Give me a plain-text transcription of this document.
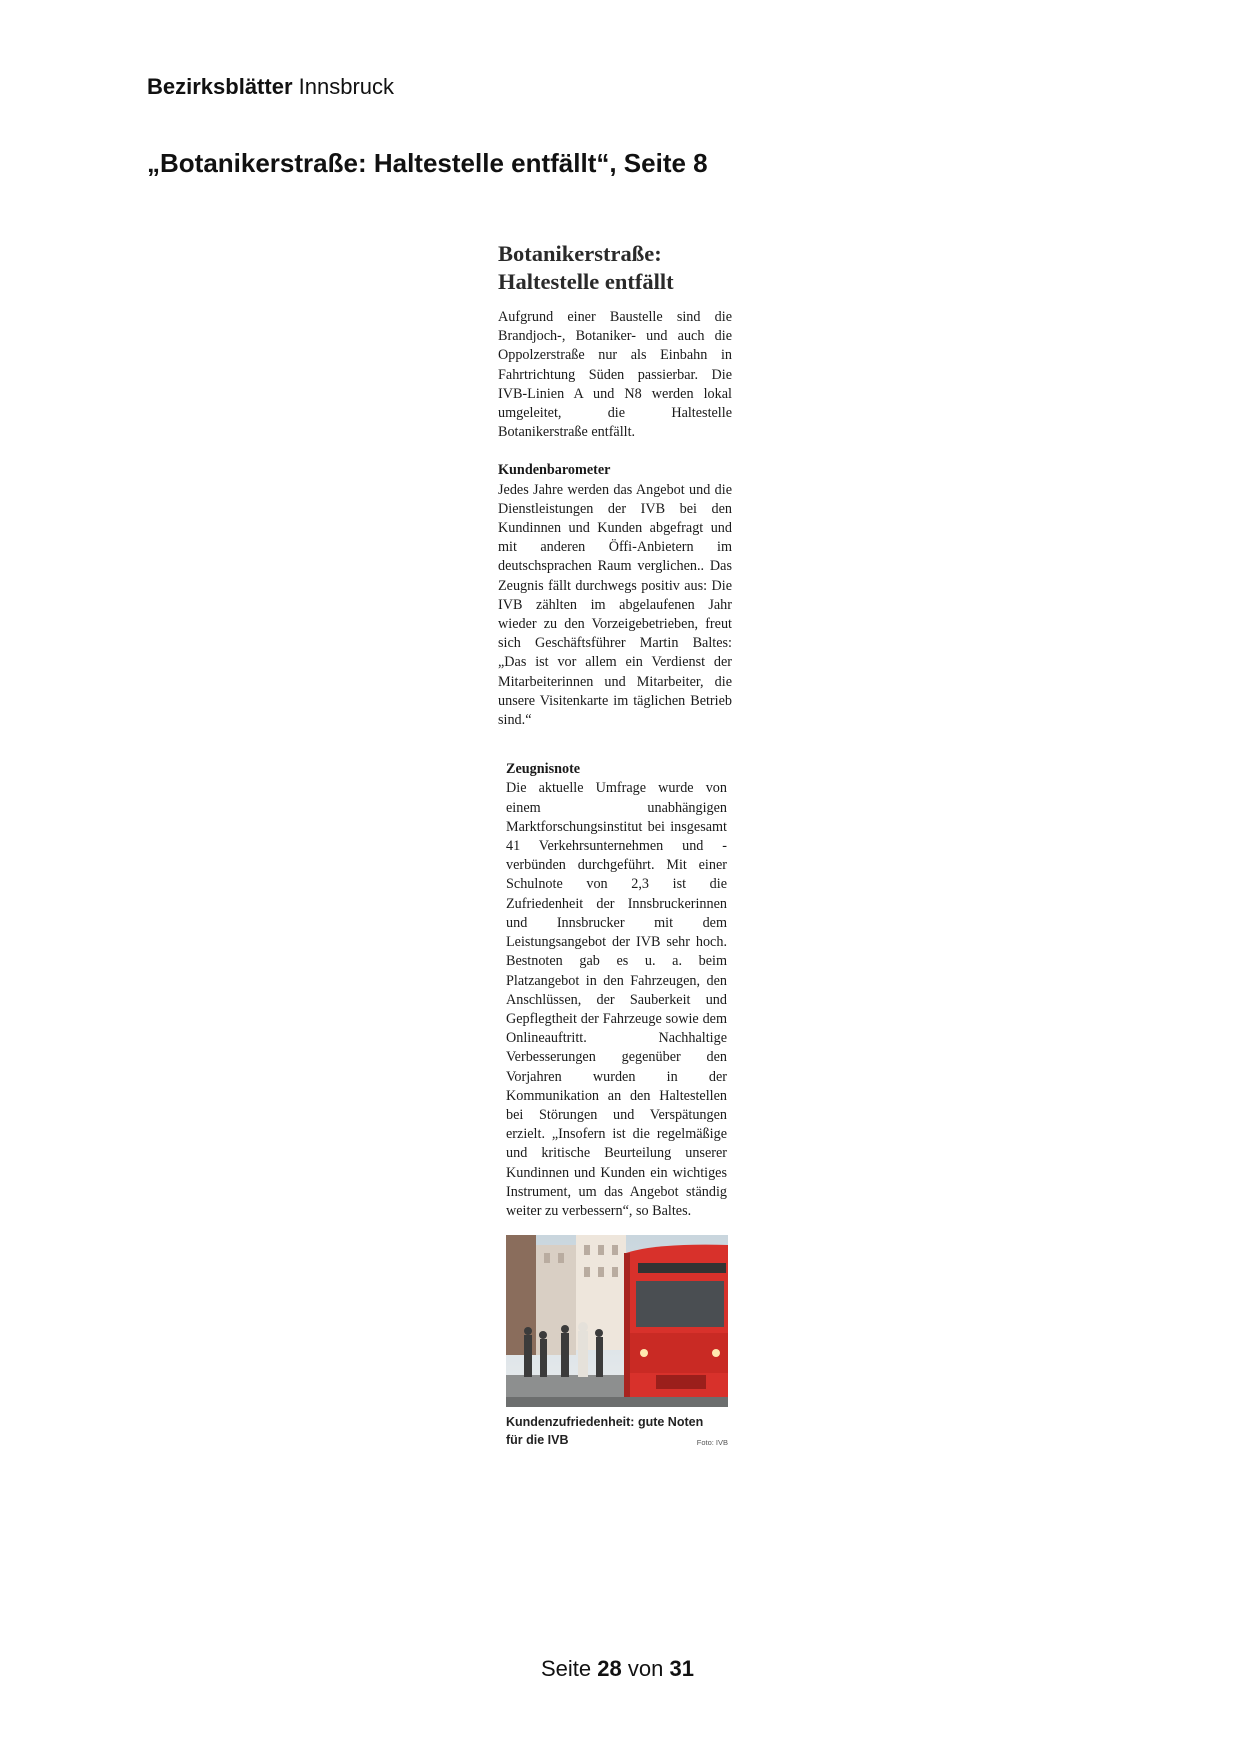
Bezirksblätter Innsbruck
„Botanikerstraße: Haltestelle entfällt“, Seite 8
Botanikerstraße: Haltestelle entfällt

Aufgrund einer Baustelle sind die Brandjoch-, Botaniker- und auch die Oppolzerstraße nur als Einbahn in Fahrtrichtung Süden passierbar. Die IVB-Linien A und N8 werden lokal umgeleitet, die Haltestelle Botanikerstraße entfällt.

Kundenbarometer

Jedes Jahre werden das Angebot und die Dienstleistungen der IVB bei den Kundinnen und Kunden abgefragt und mit anderen Öffi-Anbietern im deutschsprachen Raum verglichen.. Das Zeugnis fällt durchwegs positiv aus: Die IVB zählten im abgelaufenen Jahr wieder zu den Vorzeigebetrieben, freut sich Geschäftsführer Martin Baltes: „Das ist vor allem ein Verdienst der Mitarbeiterinnen und Mitarbeiter, die unsere Visitenkarte im täglichen Betrieb sind.“

Zeugnisnote

Die aktuelle Umfrage wurde von einem unabhängigen Marktforschungsinstitut bei insgesamt 41 Verkehrsunternehmen und -verbünden durchgeführt. Mit einer Schulnote von 2,3 ist die Zufriedenheit der Innsbruckerinnen und Innsbrucker mit dem Leistungsangebot der IVB sehr hoch. Bestnoten gab es u. a. beim Platzangebot in den Fahrzeugen, den Anschlüssen, der Sauberkeit und Gepflegtheit der Fahrzeuge sowie dem Onlineauftritt. Nachhaltige Verbesserungen gegenüber den Vorjahren wurden in der Kommunikation an den Haltestellen bei Störungen und Verspätungen erzielt. „Insofern ist die regelmäßige und kritische Beurteilung unserer Kundinnen und Kunden ein wichtiges Instrument, um das Angebot ständig weiter zu verbessern“, so Baltes.

Kundenzufriedenheit: gute Noten für die IVB	Foto: IVB
Seite 28 von 31
